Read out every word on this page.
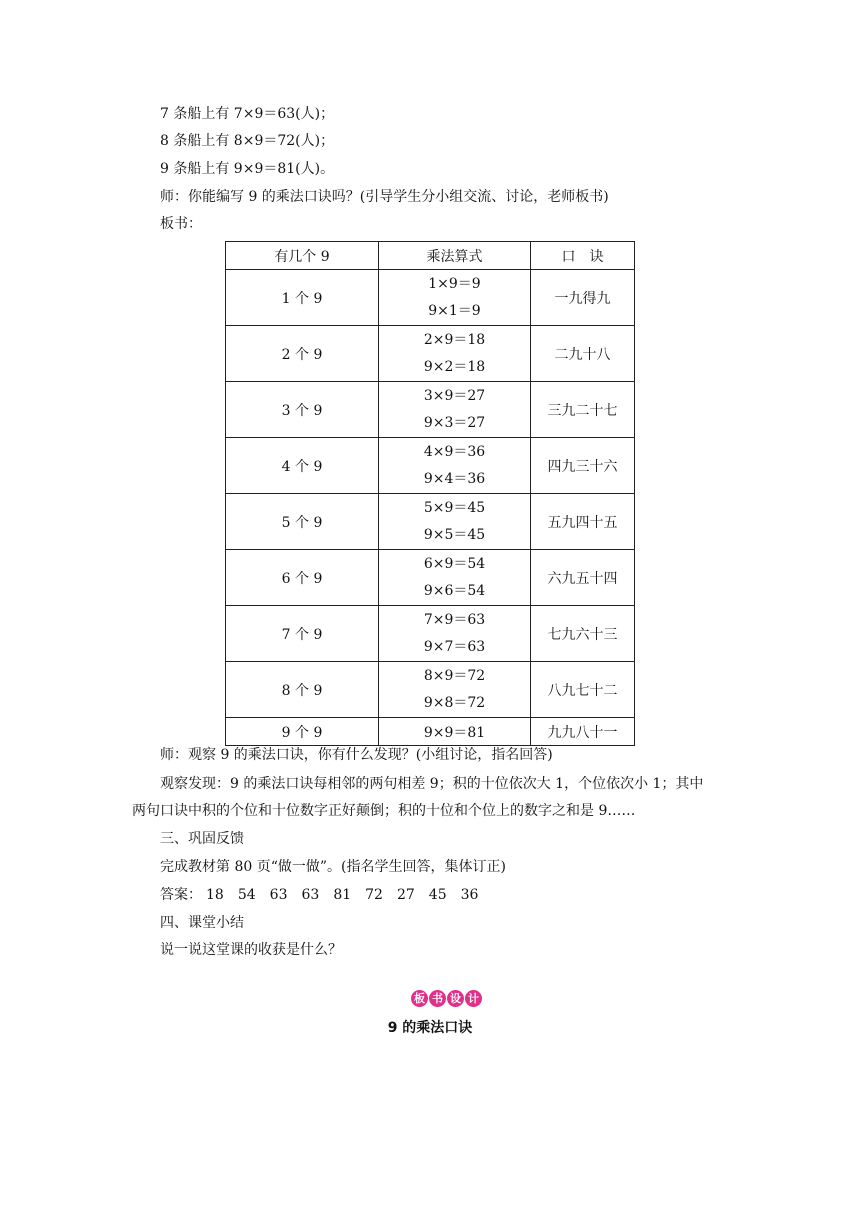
7 条船上有 7×9＝63(人)；
8 条船上有 8×9＝72(人)；
9 条船上有 9×9＝81(人)。
师：你能编写 9 的乘法口诀吗？(引导学生分小组交流、讨论，老师板书)
板书：
有几个 9	乘法算式	口　诀
1 个 9	1×9＝9
9×1＝9	一九得九
2 个 9	2×9＝18
9×2＝18	二九十八
3 个 9	3×9＝27
9×3＝27	三九二十七
4 个 9	4×9＝36
9×4＝36	四九三十六
5 个 9	5×9＝45
9×5＝45	五九四十五
6 个 9	6×9＝54
9×6＝54	六九五十四
7 个 9	7×9＝63
9×7＝63	七九六十三
8 个 9	8×9＝72
9×8＝72	八九七十二
9 个 9	9×9＝81	九九八十一
师：观察 9 的乘法口诀，你有什么发现？(小组讨论，指名回答)
观察发现：9 的乘法口诀每相邻的两句相差 9；积的十位依次大 1，个位依次小 1；其中
两句口诀中积的个位和十位数字正好颠倒；积的十位和个位上的数字之和是 9……
三、巩固反馈
完成教材第 80 页“做一做”。(指名学生回答，集体订正)
答案： 18 54 63 63 81 72 27 45 36
四、课堂小结
说一说这堂课的收获是什么？
板 书 设 计
9 的乘法口诀
